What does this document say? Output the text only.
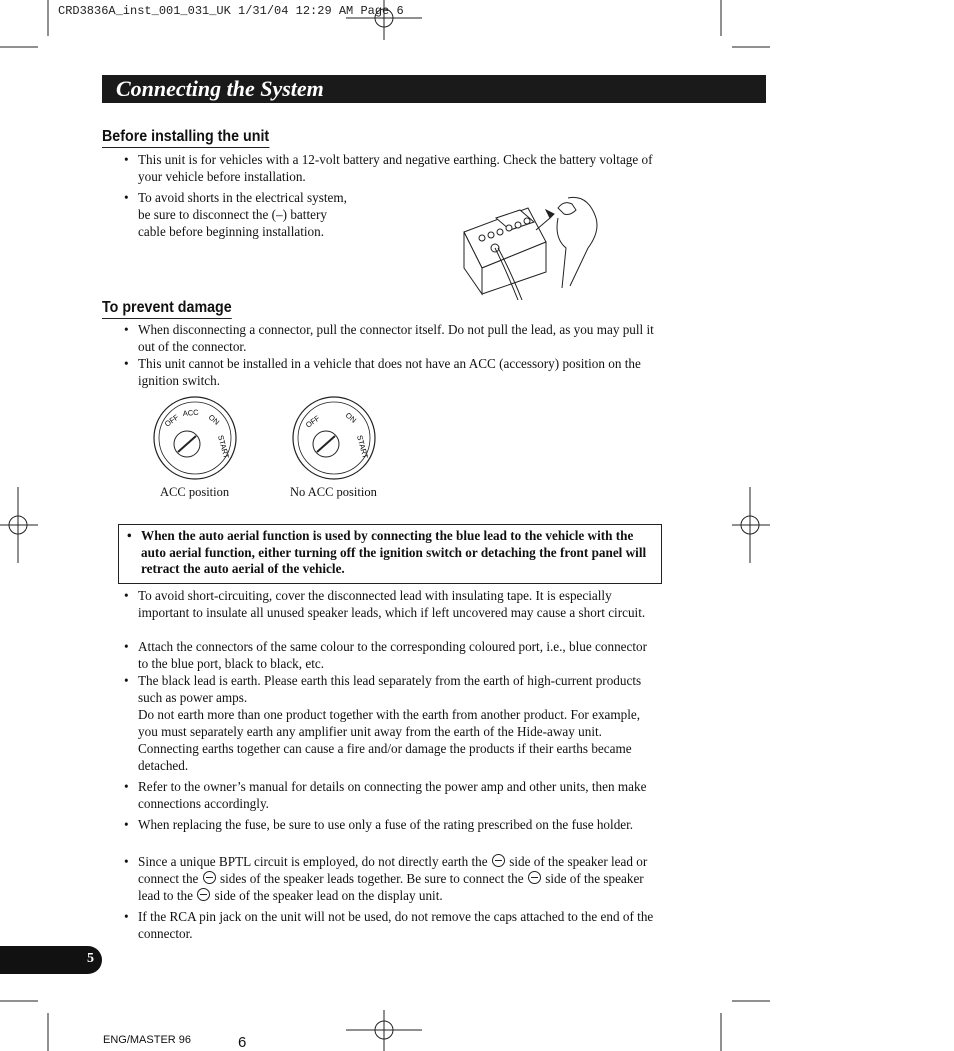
CRD3836A_inst_001_031_UK 1/31/04 12:29 AM Page 6
Connecting the System
Before installing the unit
• This unit is for vehicles with a 12-volt battery and negative earthing. Check the battery voltage of your vehicle before installation.
• To avoid shorts in the electrical system, be sure to disconnect the (–) battery cable before beginning installation.
To prevent damage
• When disconnecting a connector, pull the connector itself. Do not pull the lead, as you may pull it out of the connector.
• This unit cannot be installed in a vehicle that does not have an ACC (accessory) position on the ignition switch.
OFF ACC ON
START
OFF	ON
START
ACC position	No ACC position
• When the auto aerial function is used by connecting the blue lead to the vehicle with the auto aerial function, either turning off the ignition switch or detaching the front panel will retract the auto aerial of the vehicle.
• To avoid short-circuiting, cover the disconnected lead with insulating tape. It is especially important to insulate all unused speaker leads, which if left uncovered may cause a short circuit.
• Attach the connectors of the same colour to the corresponding coloured port, i.e., blue connector to the blue port, black to black, etc.
• The black lead is earth. Please earth this lead separately from the earth of high-current products such as power amps.
Do not earth more than one product together with the earth from another product. For example, you must separately earth any amplifier unit away from the earth of the Hide-away unit. Connecting earths together can cause a fire and/or damage the products if their earths became detached.
• Refer to the owner’s manual for details on connecting the power amp and other units, then make connections accordingly.
• When replacing the fuse, be sure to use only a fuse of the rating prescribed on the fuse holder.
• Since a unique BPTL circuit is employed, do not directly earth the side of the speaker lead or connect the sides of the speaker leads together. Be sure to connect the side of the speaker lead to the side of the speaker lead on the display unit.
• If the RCA pin jack on the unit will not be used, do not remove the caps attached to the end of the connector.
5
ENG/MASTER 96	6
